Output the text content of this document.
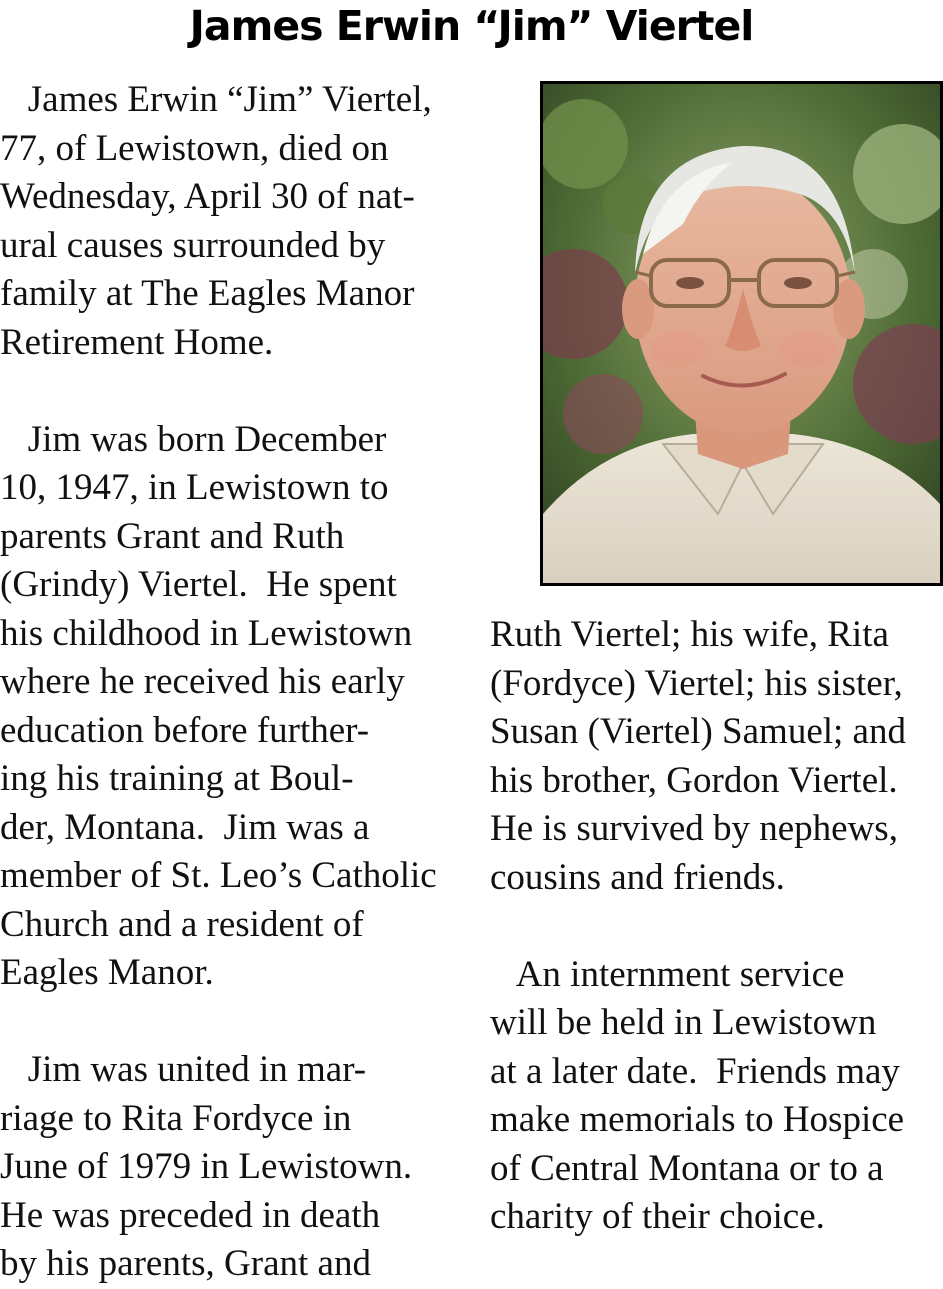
James Erwin “Jim” Viertel

James Erwin “Jim” Viertel,
77, of Lewistown, died on
Wednesday, April 30 of nat-
ural causes surrounded by
family at The Eagles Manor
Retirement Home.

Jim was born December
10, 1947, in Lewistown to
parents Grant and Ruth
(Grindy) Viertel.  He spent
his childhood in Lewistown
where he received his early
education before further-
ing his training at Boul-
der, Montana.  Jim was a
member of St. Leo’s Catholic
Church and a resident of
Eagles Manor.

Jim was united in mar-
riage to Rita Fordyce in
June of 1979 in Lewistown.
He was preceded in death
by his parents, Grant and

Ruth Viertel; his wife, Rita
(Fordyce) Viertel; his sister,
Susan (Viertel) Samuel; and
his brother, Gordon Viertel.
He is survived by nephews,
cousins and friends.

An internment service
will be held in Lewistown
at a later date.  Friends may
make memorials to Hospice
of Central Montana or to a
charity of their choice.
